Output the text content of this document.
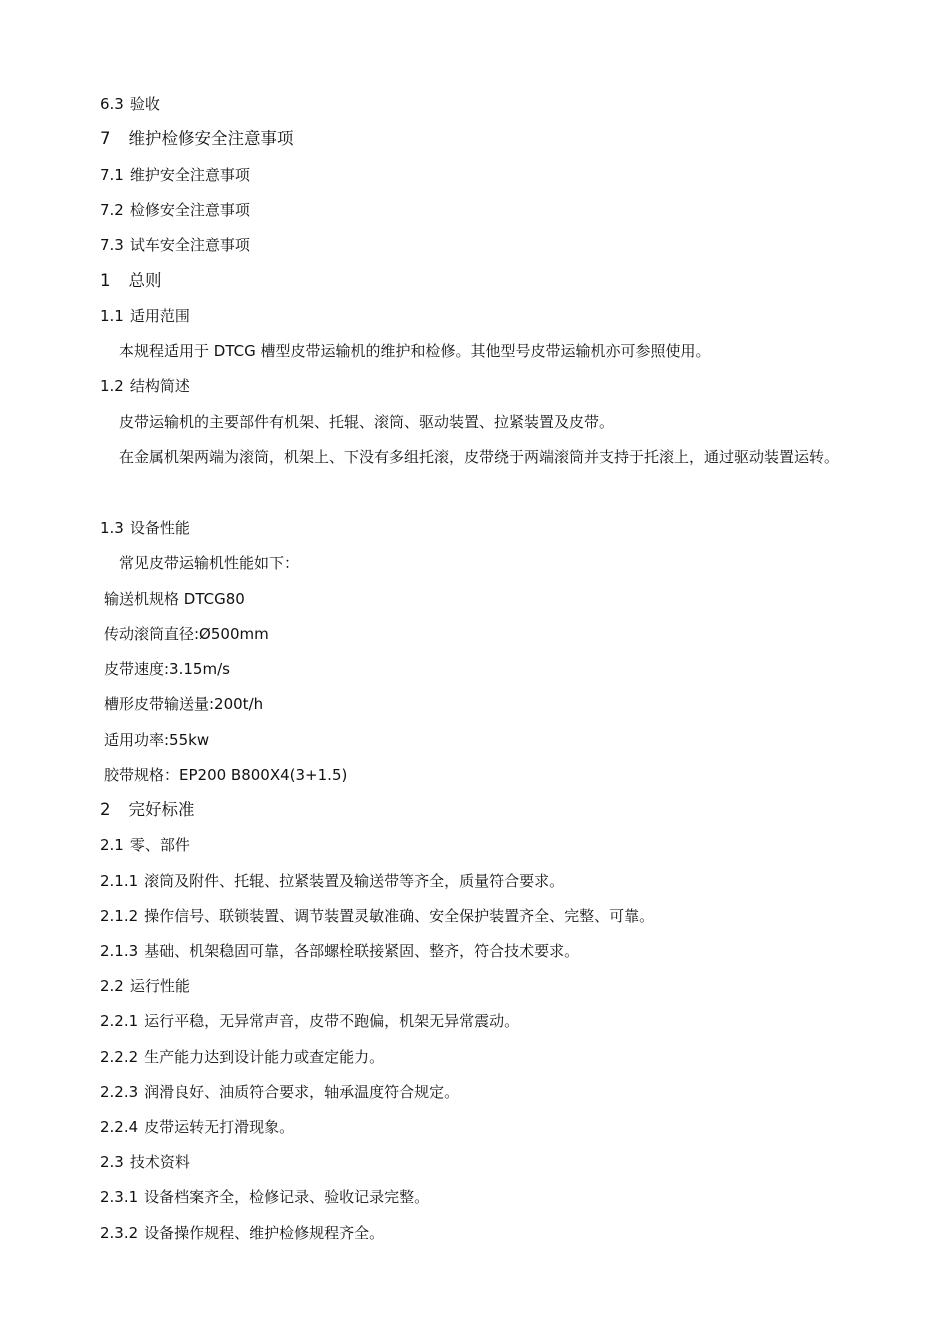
6.3 验收
7 维护检修安全注意事项
7.1 维护安全注意事项
7.2 检修安全注意事项
7.3 试车安全注意事项
1 总则
1.1 适用范围
本规程适用于 DTCG 槽型皮带运输机的维护和检修。其他型号皮带运输机亦可参照使用。
1.2 结构简述
皮带运输机的主要部件有机架、托辊、滚筒、驱动装置、拉紧装置及皮带。
在金属机架两端为滚筒，机架上、下没有多组托滚，皮带绕于两端滚筒并支持于托滚上，通过驱动装置运转。
1.3 设备性能
常见皮带运输机性能如下：
输送机规格 DTCG80
传动滚筒直径:Ø500mm
皮带速度:3.15m/s
槽形皮带输送量:200t/h
适用功率:55kw
胶带规格：EP200 B800X4(3+1.5)
2 完好标准
2.1 零、部件
2.1.1 滚筒及附件、托辊、拉紧装置及输送带等齐全，质量符合要求。
2.1.2 操作信号、联锁装置、调节装置灵敏准确、安全保护装置齐全、完整、可靠。
2.1.3 基础、机架稳固可靠，各部螺栓联接紧固、整齐，符合技术要求。
2.2 运行性能
2.2.1 运行平稳，无异常声音，皮带不跑偏，机架无异常震动。
2.2.2 生产能力达到设计能力或查定能力。
2.2.3 润滑良好、油质符合要求，轴承温度符合规定。
2.2.4 皮带运转无打滑现象。
2.3 技术资料
2.3.1 设备档案齐全，检修记录、验收记录完整。
2.3.2 设备操作规程、维护检修规程齐全。
